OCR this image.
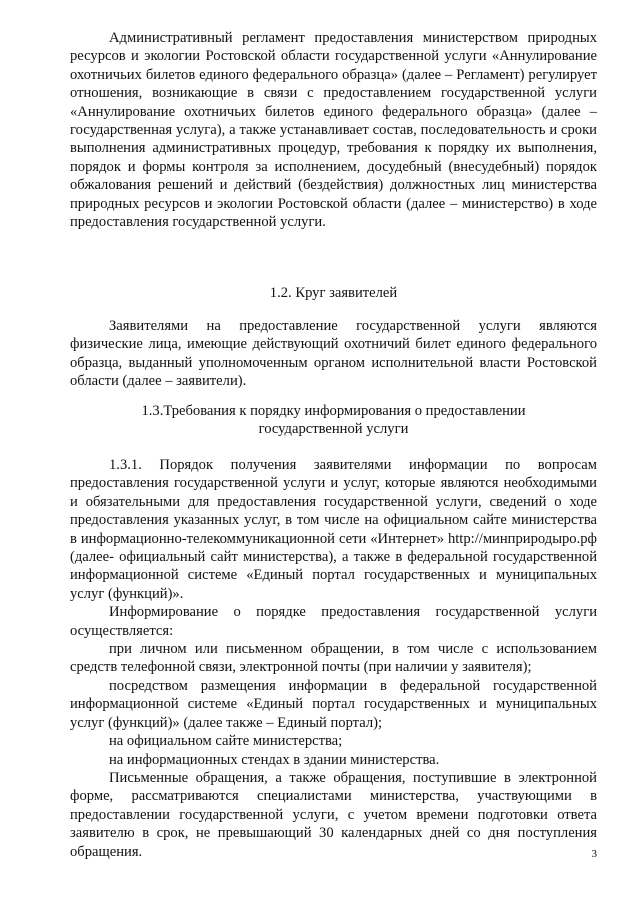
Административный регламент предоставления министерством природных ресурсов и экологии Ростовской области государственной услуги «Аннулирование охотничьих билетов единого федерального образца» (далее – Регламент) регулирует отношения, возникающие в связи с предоставлением государственной услуги «Аннулирование охотничьих билетов единого федерального образца» (далее – государственная услуга), а также устанавливает состав, последовательность и сроки выполнения административных процедур, требования к порядку их выполнения, порядок и формы контроля за исполнением, досудебный (внесудебный) порядок обжалования решений и действий (бездействия) должностных лиц министерства природных ресурсов и экологии Ростовской области (далее – министерство) в ходе предоставления государственной услуги.

1.2. Круг заявителей

Заявителями на предоставление государственной услуги являются физические лица, имеющие действующий охотничий билет единого федерального образца, выданный уполномоченным органом исполнительной власти Ростовской области (далее – заявители).

1.3.Требования к порядку информирования о предоставлении

государственной услуги

1.3.1. Порядок получения заявителями информации по вопросам предоставления государственной услуги и услуг, которые являются необходимыми и обязательными для предоставления государственной услуги, сведений о ходе предоставления указанных услуг, в том числе на официальном сайте министерства в информационно-телекоммуникационной сети «Интернет» http://минприродыро.рф (далее- официальный сайт министерства), а также в федеральной государственной информационной системе «Единый портал государственных и муниципальных услуг (функций)».

Информирование о порядке предоставления государственной услуги осуществляется:

при личном или письменном обращении, в том числе с использованием средств телефонной связи, электронной почты (при наличии у заявителя);

посредством размещения информации в федеральной государственной информационной системе «Единый портал государственных и муниципальных услуг (функций)» (далее также – Единый портал);

на официальном сайте министерства;

на информационных стендах в здании министерства.

Письменные обращения, а также обращения, поступившие в электронной форме, рассматриваются специалистами министерства, участвующими в предоставлении государственной услуги, с учетом времени подготовки ответа заявителю в срок, не превышающий 30 календарных дней со дня поступления обращения.	3
